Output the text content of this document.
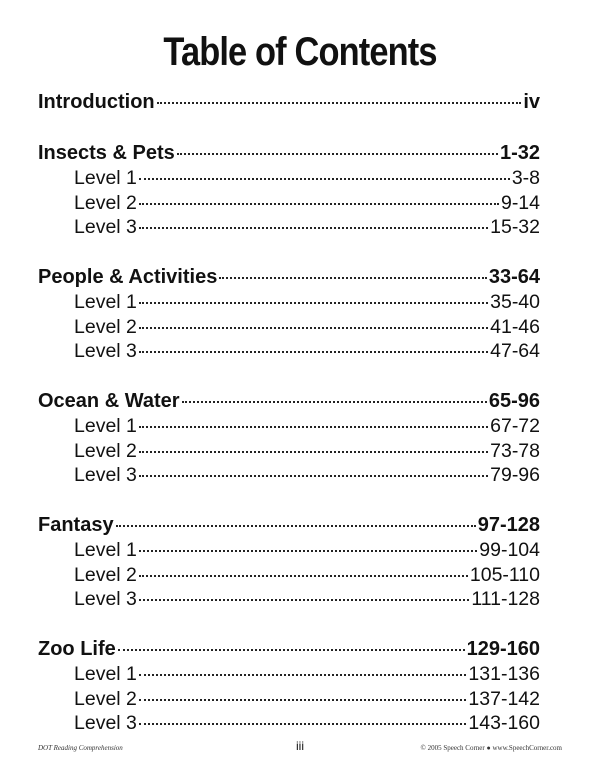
Table of Contents
Introduction	iv
Insects & Pets	1-32
Level 1	3-8
Level 2	9-14
Level 3	15-32
People & Activities	33-64
Level 1	35-40
Level 2	41-46
Level 3	47-64
Ocean & Water	65-96
Level 1	67-72
Level 2	73-78
Level 3	79-96
Fantasy	97-128
Level 1	99-104
Level 2	105-110
Level 3	111-128
Zoo Life	129-160
Level 1	131-136
Level 2	137-142
Level 3	143-160
DOT Reading Comprehension	© 2005 Speech Corner ● www.SpeechCorner.com
iii
